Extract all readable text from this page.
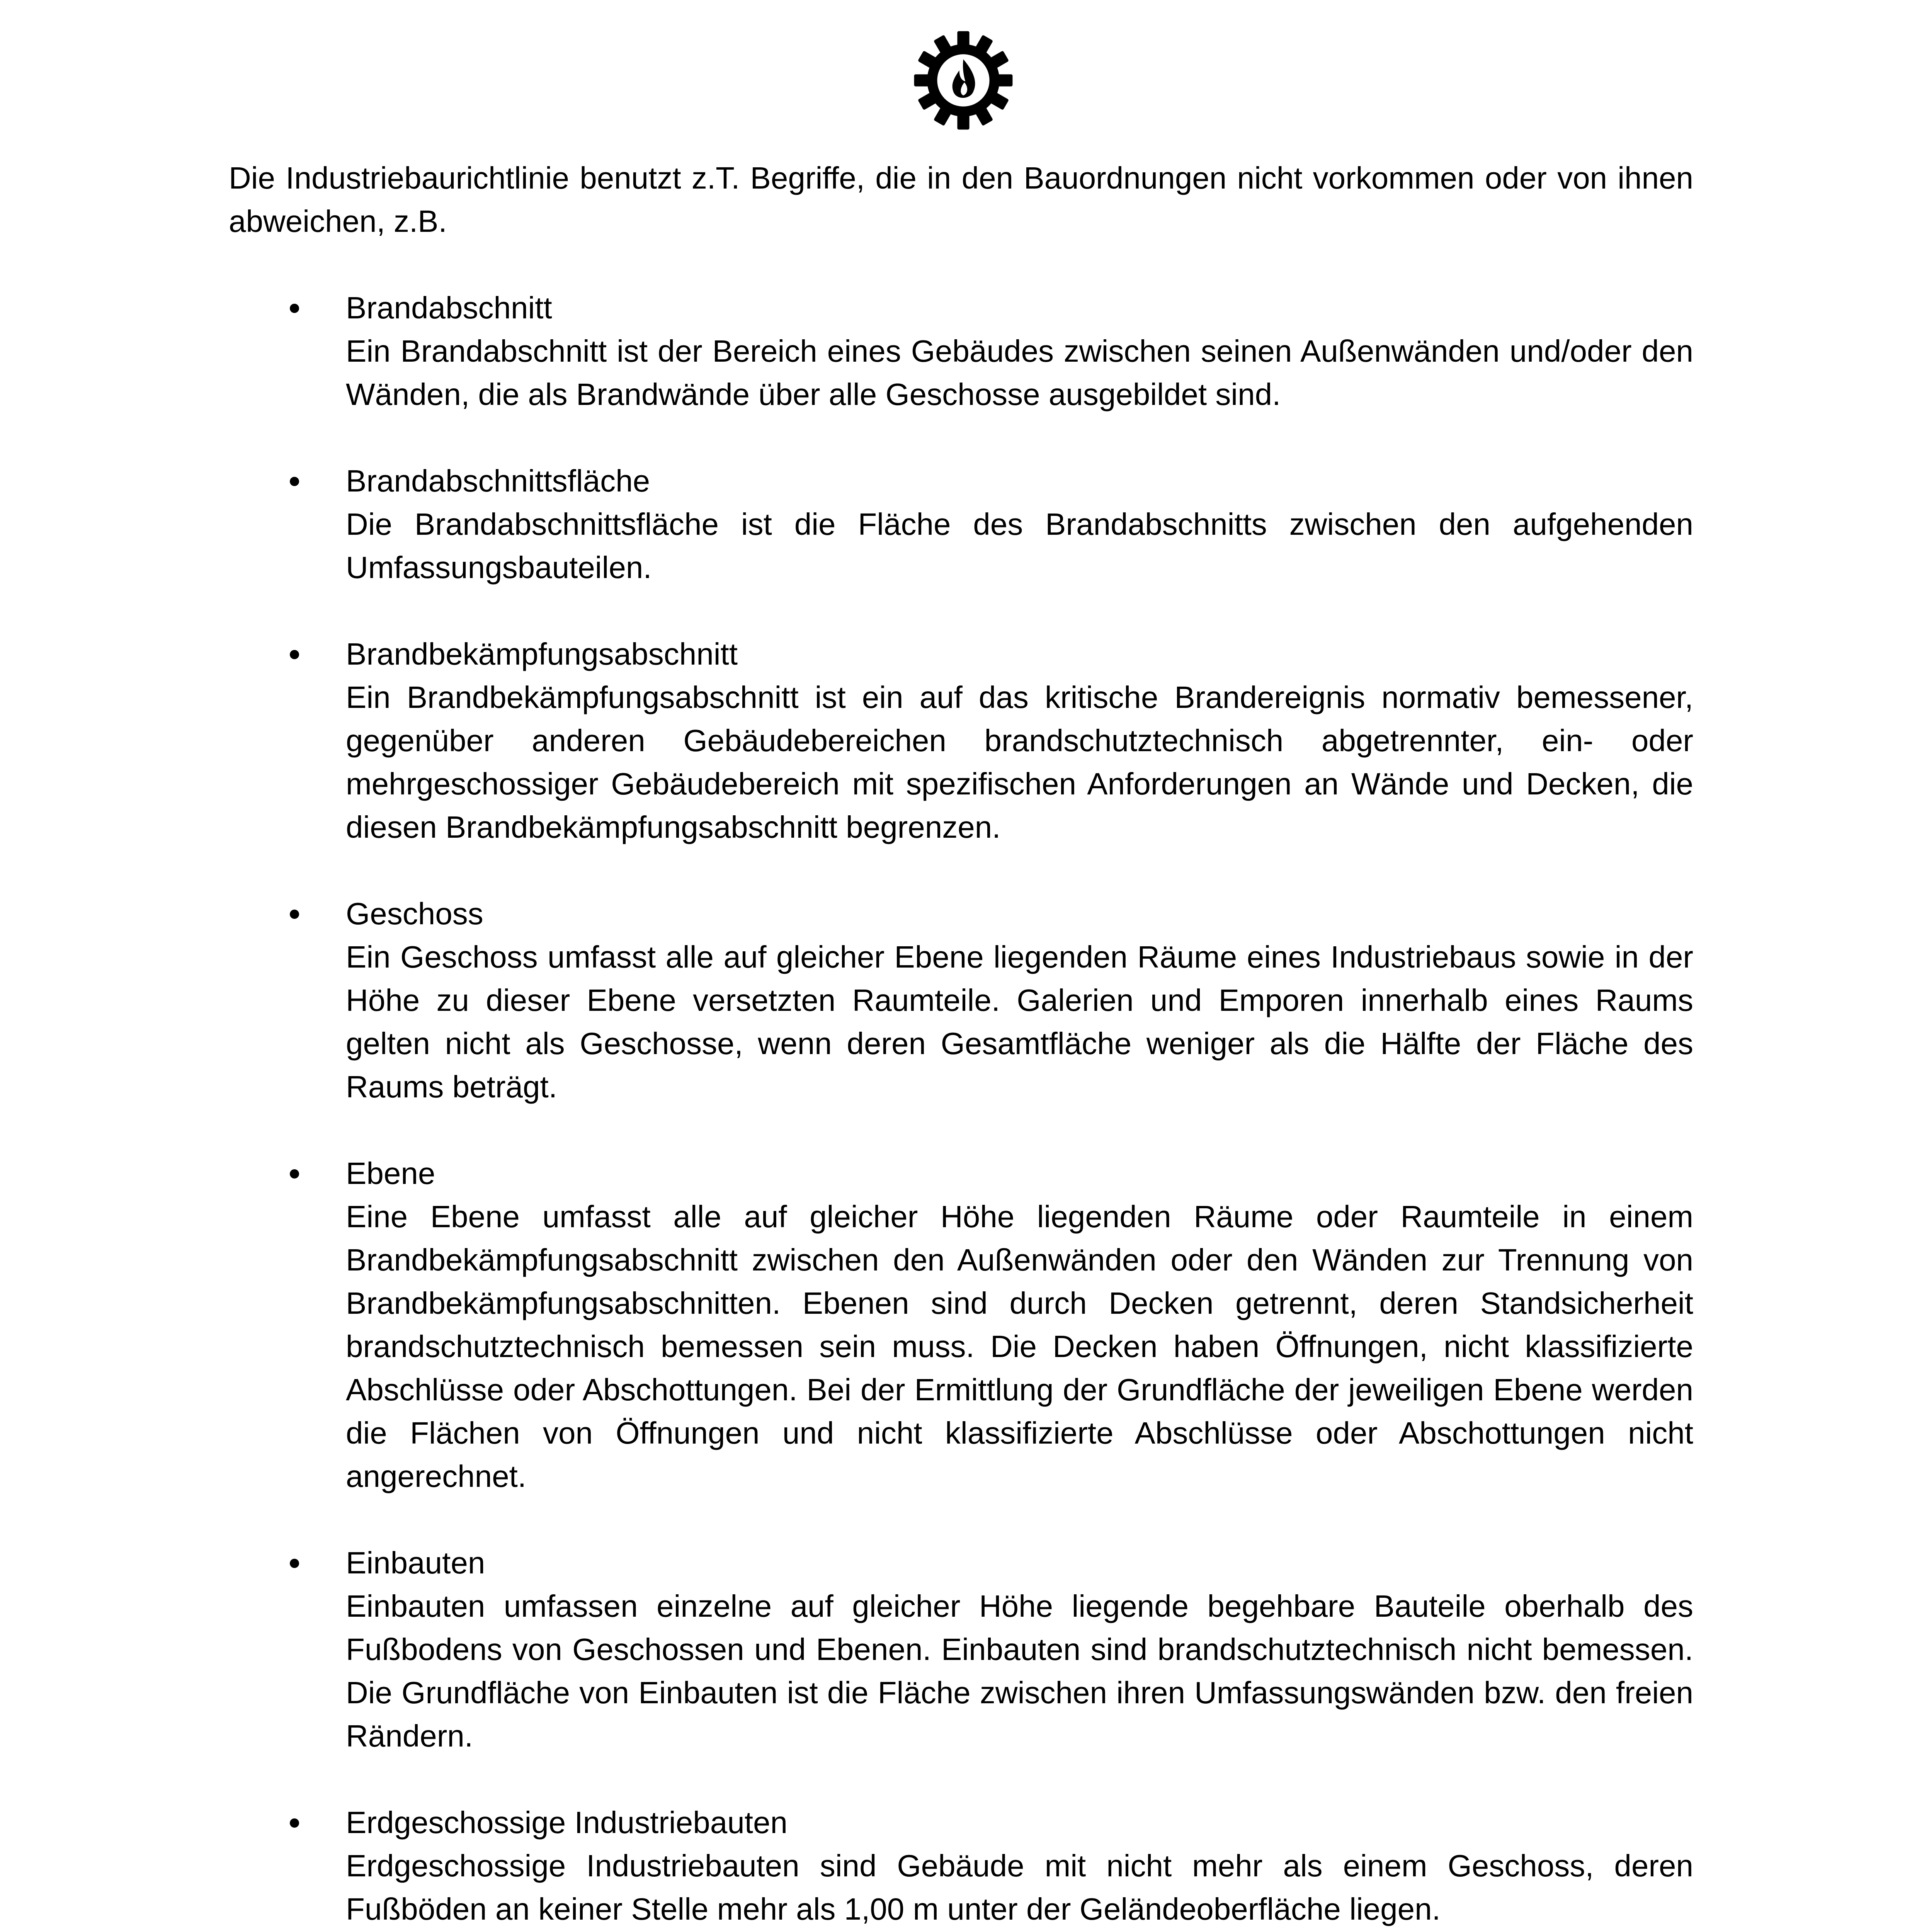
Die Industriebaurichtlinie benutzt z.T. Begriffe, die in den Bauordnungen nicht vorkommen oder von ihnen abweichen, z.B.

Brandabschnitt
Ein Brandabschnitt ist der Bereich eines Gebäudes zwischen seinen Außenwänden und/oder den Wänden, die als Brandwände über alle Geschosse ausgebildet sind.
Brandabschnittsfläche
Die Brandabschnittsfläche ist die Fläche des Brandabschnitts zwischen den aufgehenden Umfassungsbauteilen.
Brandbekämpfungsabschnitt
Ein Brandbekämpfungsabschnitt ist ein auf das kritische Brandereignis normativ bemessener, gegenüber anderen Gebäudebereichen brandschutztechnisch abgetrennter, ein- oder mehrgeschossiger Gebäudebereich mit spezifischen Anforderungen an Wände und Decken, die diesen Brandbekämpfungsabschnitt begrenzen.
Geschoss
Ein Geschoss umfasst alle auf gleicher Ebene liegenden Räume eines Industriebaus sowie in der Höhe zu dieser Ebene versetzten Raumteile. Galerien und Emporen innerhalb eines Raums gelten nicht als Geschosse, wenn deren Gesamtfläche weniger als die Hälfte der Fläche des Raums beträgt.
Ebene
Eine Ebene umfasst alle auf gleicher Höhe liegenden Räume oder Raumteile in einem Brandbekämpfungsabschnitt zwischen den Außenwänden oder den Wänden zur Trennung von Brandbekämpfungsabschnitten. Ebenen sind durch Decken getrennt, deren Standsicherheit brandschutztechnisch bemessen sein muss. Die Decken haben Öffnungen, nicht klassifizierte Abschlüsse oder Abschottungen. Bei der Ermittlung der Grundfläche der jeweiligen Ebene werden die Flächen von Öffnungen und nicht klassifizierte Abschlüsse oder Abschottungen nicht angerechnet.
Einbauten
Einbauten umfassen einzelne auf gleicher Höhe liegende begehbare Bauteile oberhalb des Fußbodens von Geschossen und Ebenen. Einbauten sind brandschutztechnisch nicht bemessen. Die Grundfläche von Einbauten ist die Fläche zwischen ihren Umfassungswänden bzw. den freien Rändern.
Erdgeschossige Industriebauten
Erdgeschossige Industriebauten sind Gebäude mit nicht mehr als einem Geschoss, deren Fußböden an keiner Stelle mehr als 1,00 m unter der Geländeoberfläche liegen.
